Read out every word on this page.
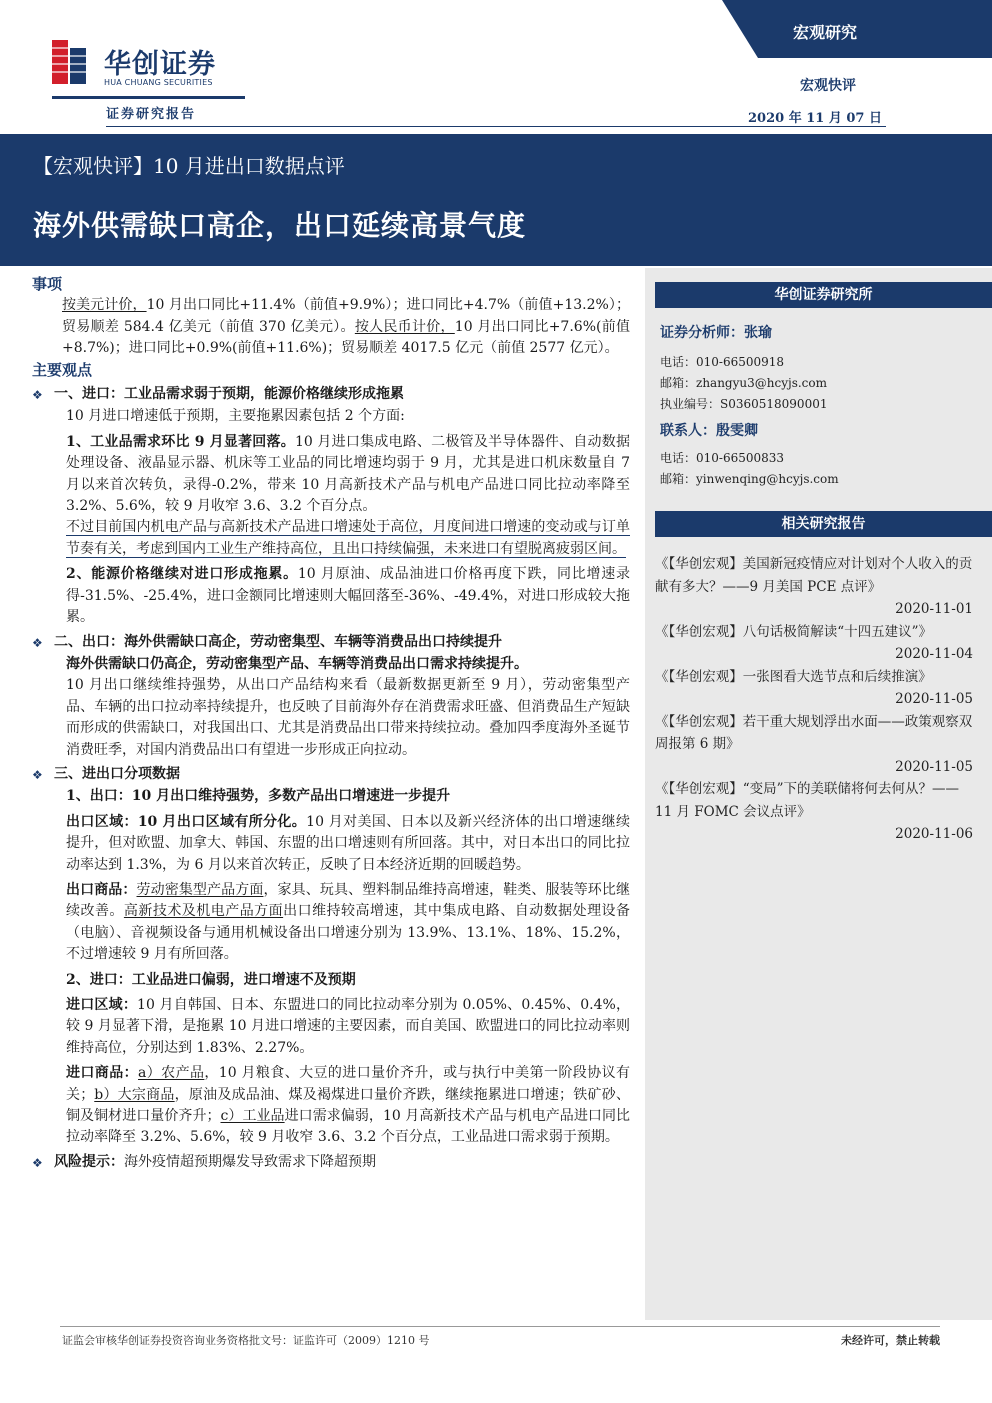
华创证券
HUA CHUANG SECURITIES
证券研究报告
宏观研究
宏观快评
2020 年 11 月 07 日
【宏观快评】10 月进出口数据点评
海外供需缺口高企，出口延续高景气度
华创证券研究所
证券分析师：张瑜
电话：010-66500918
邮箱：zhangyu3@hcyjs.com
执业编号：S0360518090001
联系人：殷雯卿
电话：010-66500833
邮箱：yinwenqing@hcyjs.com
相关研究报告
《【华创宏观】美国新冠疫情应对计划对个人收入的贡献有多大？——9 月美国 PCE 点评》
2020-11-01
《【华创宏观】八句话极简解读“十四五建议”》
2020-11-04
《【华创宏观】一张图看大选节点和后续推演》
2020-11-05
《【华创宏观】若干重大规划浮出水面——政策观察双周报第 6 期》
2020-11-05
《【华创宏观】“变局”下的美联储将何去何从？——11 月 FOMC 会议点评》
2020-11-06
事项

按美元计价，10 月出口同比+11.4%（前值+9.9%）；进口同比+4.7%（前值+13.2%）；贸易顺差 584.4 亿美元（前值 370 亿美元）。按人民币计价，10 月出口同比+7.6%(前值+8.7%)；进口同比+0.9%(前值+11.6%)；贸易顺差 4017.5 亿元（前值 2577 亿元）。

主要观点
❖ 一、进口：工业品需求弱于预期，能源价格继续形成拖累

10 月进口增速低于预期，主要拖累因素包括 2 个方面:

1、工业品需求环比 9 月显著回落。10 月进口集成电路、二极管及半导体器件、自动数据处理设备、液晶显示器、机床等工业品的同比增速均弱于 9 月，尤其是进口机床数量自 7 月以来首次转负，录得-0.2%，带来 10 月高新技术产品与机电产品进口同比拉动率降至 3.2%、5.6%，较 9 月收窄 3.6、3.2 个百分点。

不过目前国内机电产品与高新技术产品进口增速处于高位，月度间进口增速的变动或与订单节奏有关，考虑到国内工业生产维持高位，且出口持续偏强，未来进口有望脱离疲弱区间。

2、能源价格继续对进口形成拖累。10 月原油、成品油进口价格再度下跌，同比增速录得-31.5%、-25.4%，进口金额同比增速则大幅回落至-36%、-49.4%，对进口形成较大拖累。

❖ 二、出口：海外供需缺口高企，劳动密集型、车辆等消费品出口持续提升

海外供需缺口仍高企，劳动密集型产品、车辆等消费品出口需求持续提升。

10 月出口继续维持强势，从出口产品结构来看（最新数据更新至 9 月），劳动密集型产品、车辆的出口拉动率持续提升，也反映了目前海外存在消费需求旺盛、但消费品生产短缺而形成的供需缺口，对我国出口、尤其是消费品出口带来持续拉动。叠加四季度海外圣诞节消费旺季，对国内消费品出口有望进一步形成正向拉动。

❖ 三、进出口分项数据

1、出口：10 月出口维持强势，多数产品出口增速进一步提升

出口区域：10 月出口区域有所分化。10 月对美国、日本以及新兴经济体的出口增速继续提升，但对欧盟、加拿大、韩国、东盟的出口增速则有所回落。其中，对日本出口的同比拉动率达到 1.3%，为 6 月以来首次转正，反映了日本经济近期的回暖趋势。

出口商品：劳动密集型产品方面，家具、玩具、塑料制品维持高增速，鞋类、服装等环比继续改善。高新技术及机电产品方面出口维持较高增速，其中集成电路、自动数据处理设备（电脑）、音视频设备与通用机械设备出口增速分别为 13.9%、13.1%、18%、15.2%，不过增速较 9 月有所回落。

2、进口：工业品进口偏弱，进口增速不及预期

进口区域：10 月自韩国、日本、东盟进口的同比拉动率分别为 0.05%、0.45%、0.4%，较 9 月显著下滑，是拖累 10 月进口增速的主要因素，而自美国、欧盟进口的同比拉动率则维持高位，分别达到 1.83%、2.27%。

进口商品：a）农产品，10 月粮食、大豆的进口量价齐升，或与执行中美第一阶段协议有关；b）大宗商品，原油及成品油、煤及褐煤进口量价齐跌，继续拖累进口增速；铁矿砂、铜及铜材进口量价齐升；c）工业品进口需求偏弱，10 月高新技术产品与机电产品进口同比拉动率降至 3.2%、5.6%，较 9 月收窄 3.6、3.2 个百分点，工业品进口需求弱于预期。

❖ 风险提示：海外疫情超预期爆发导致需求下降超预期
证监会审核华创证券投资咨询业务资格批文号：证监许可（2009）1210 号	未经许可，禁止转载
